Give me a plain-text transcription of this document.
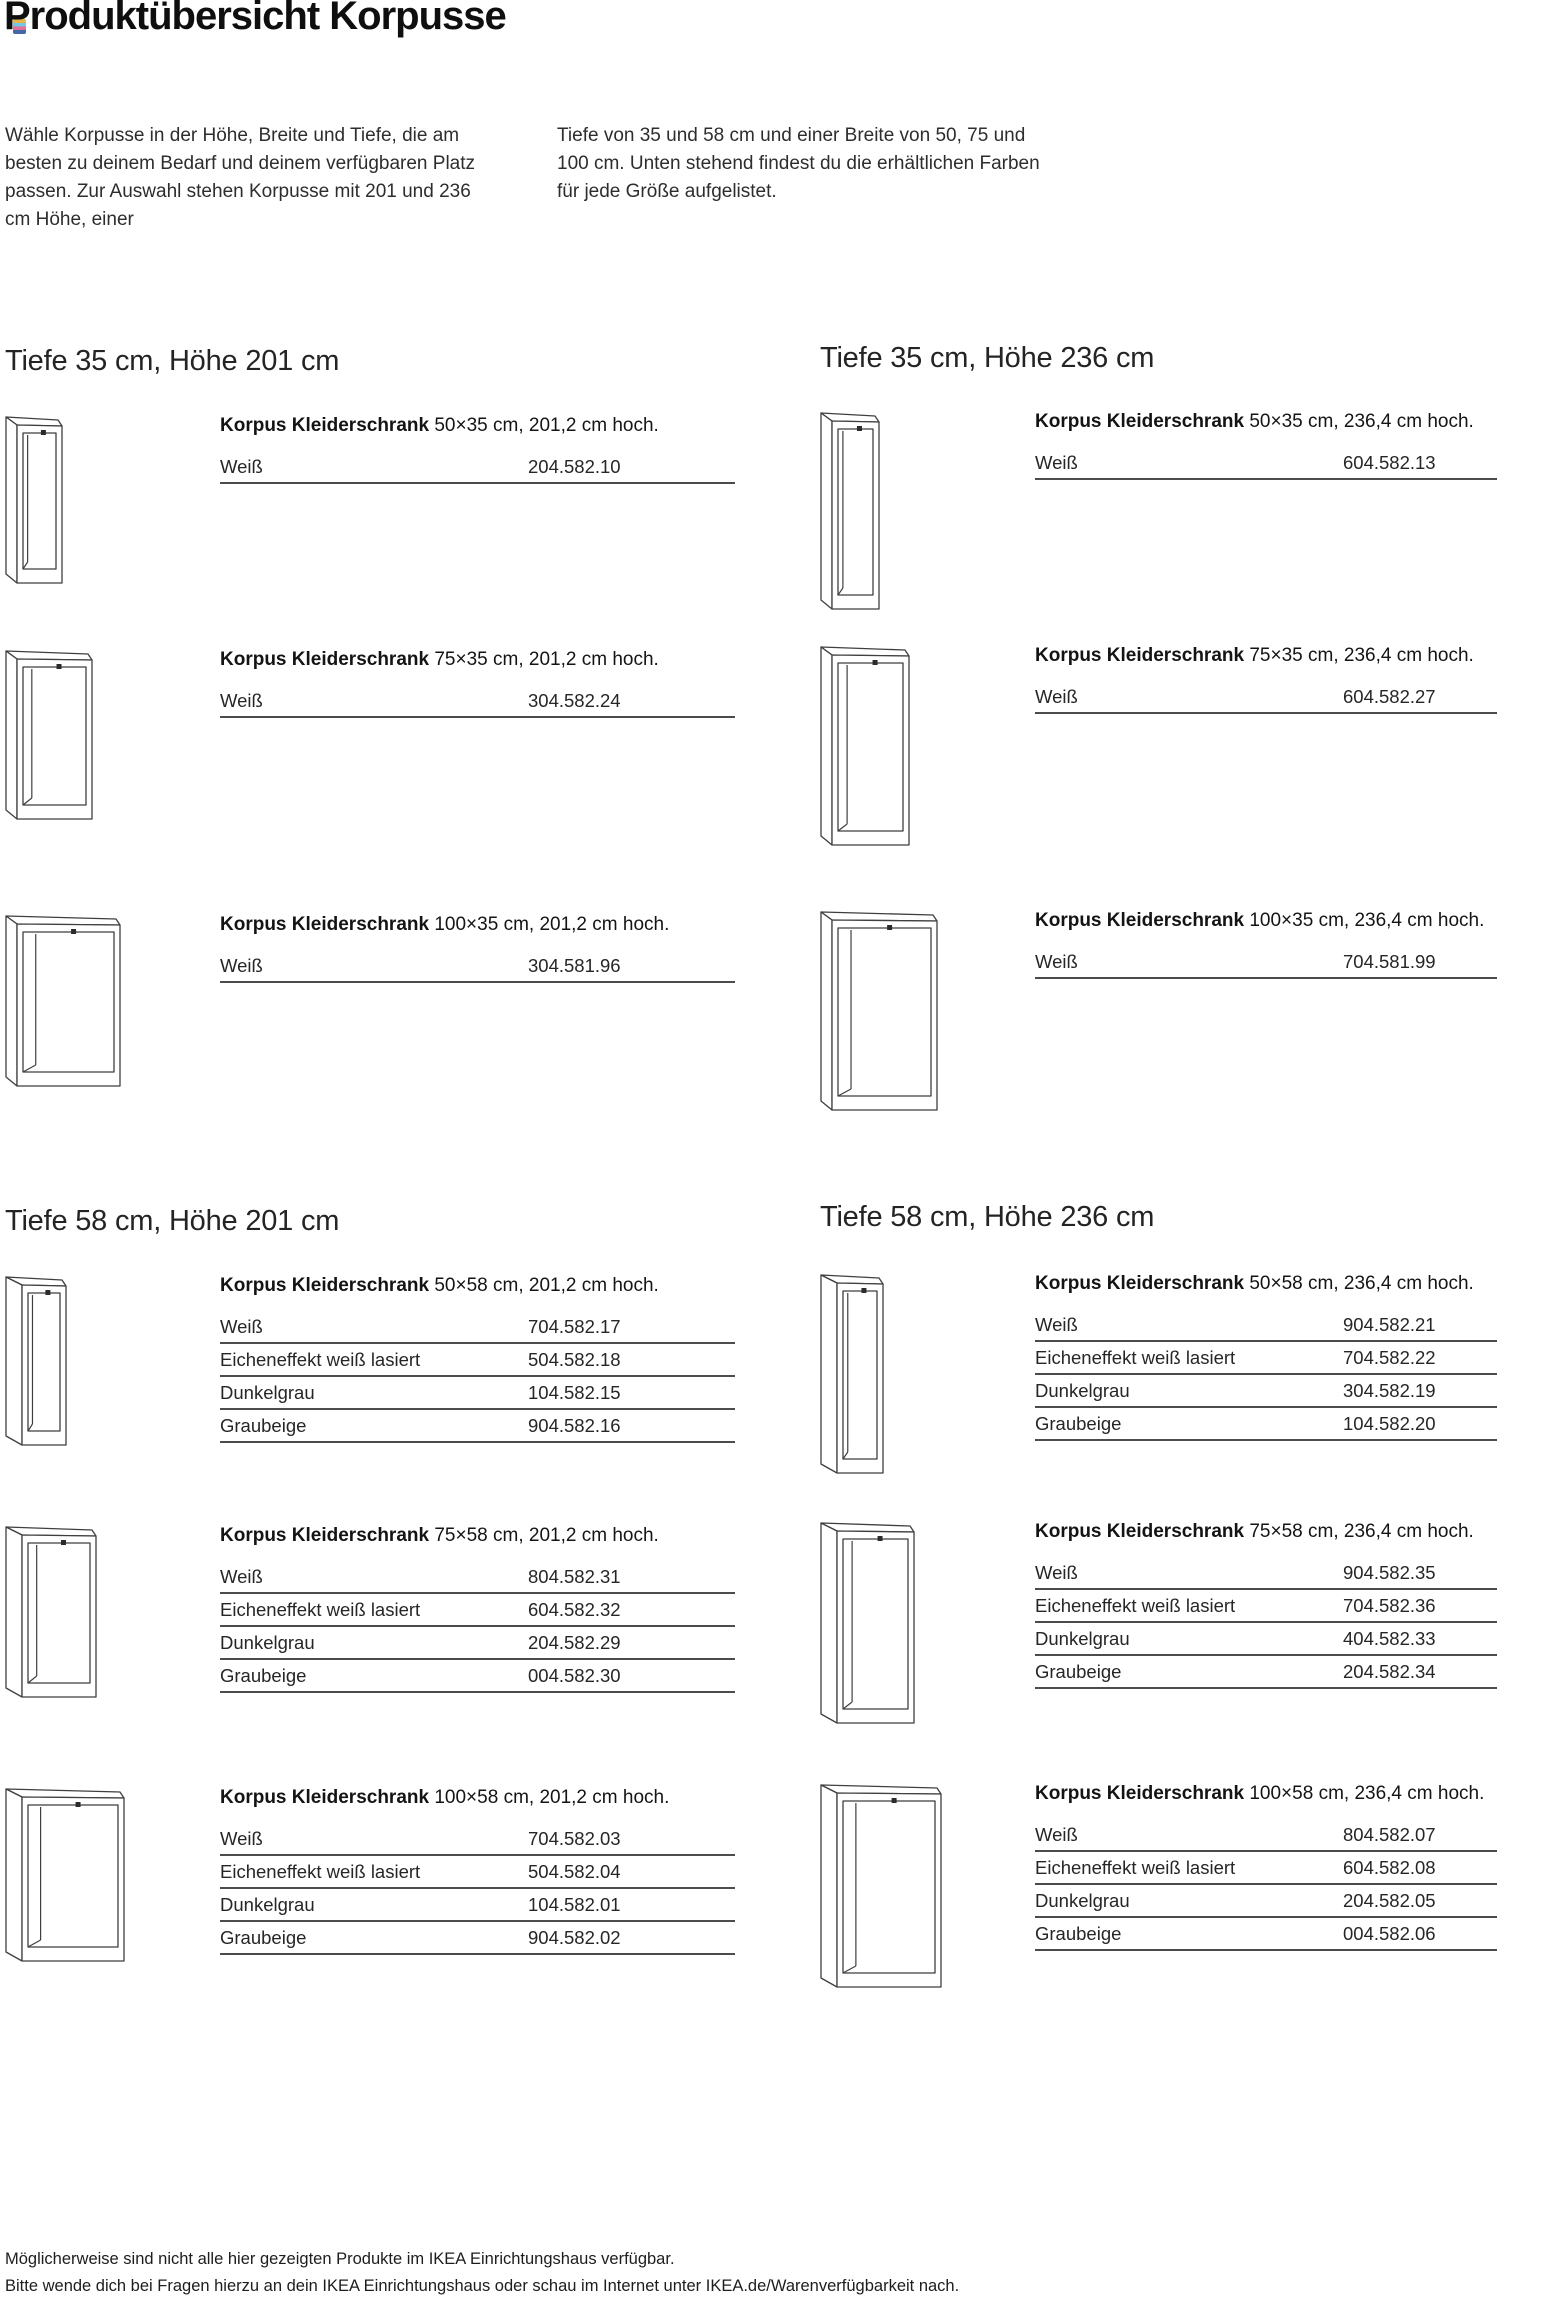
Produktübersicht Korpusse

Wähle Korpusse in der Höhe, Breite und Tiefe, die am besten zu deinem Bedarf und deinem verfügbaren Platz passen. Zur Auswahl stehen Korpusse mit 201 und 236 cm Höhe, einer

Tiefe von 35 und 58 cm und einer Breite von 50, 75 und 100 cm. Unten stehend findest du die erhältlichen Farben für jede Größe aufgelistet.

Tiefe 35 cm, Höhe 201 cm	Tiefe 35 cm, Höhe 236 cm
Tiefe 58 cm, Höhe 201 cm	Tiefe 58 cm, Höhe 236 cm
Korpus Kleiderschrank 50×35 cm, 201,2 cm hoch.
Weiß	204.582.10
Korpus Kleiderschrank 75×35 cm, 201,2 cm hoch.
Weiß	304.582.24
Korpus Kleiderschrank 100×35 cm, 201,2 cm hoch.
Weiß	304.581.96
Korpus Kleiderschrank 50×35 cm, 236,4 cm hoch.
Weiß	604.582.13
Korpus Kleiderschrank 75×35 cm, 236,4 cm hoch.
Weiß	604.582.27
Korpus Kleiderschrank 100×35 cm, 236,4 cm hoch.
Weiß	704.581.99
Korpus Kleiderschrank 50×58 cm, 201,2 cm hoch.
Weiß	704.582.17
Eicheneffekt weiß lasiert	504.582.18
Dunkelgrau	104.582.15
Graubeige	904.582.16
Korpus Kleiderschrank 75×58 cm, 201,2 cm hoch.
Weiß	804.582.31
Eicheneffekt weiß lasiert	604.582.32
Dunkelgrau	204.582.29
Graubeige	004.582.30
Korpus Kleiderschrank 100×58 cm, 201,2 cm hoch.
Weiß	704.582.03
Eicheneffekt weiß lasiert	504.582.04
Dunkelgrau	104.582.01
Graubeige	904.582.02
Korpus Kleiderschrank 50×58 cm, 236,4 cm hoch.
Weiß	904.582.21
Eicheneffekt weiß lasiert	704.582.22
Dunkelgrau	304.582.19
Graubeige	104.582.20
Korpus Kleiderschrank 75×58 cm, 236,4 cm hoch.
Weiß	904.582.35
Eicheneffekt weiß lasiert	704.582.36
Dunkelgrau	404.582.33
Graubeige	204.582.34
Korpus Kleiderschrank 100×58 cm, 236,4 cm hoch.
Weiß	804.582.07
Eicheneffekt weiß lasiert	604.582.08
Dunkelgrau	204.582.05
Graubeige	004.582.06
Möglicherweise sind nicht alle hier gezeigten Produkte im IKEA Einrichtungshaus verfügbar.
Bitte wende dich bei Fragen hierzu an dein IKEA Einrichtungshaus oder schau im Internet unter IKEA.de/Warenverfügbarkeit nach.
